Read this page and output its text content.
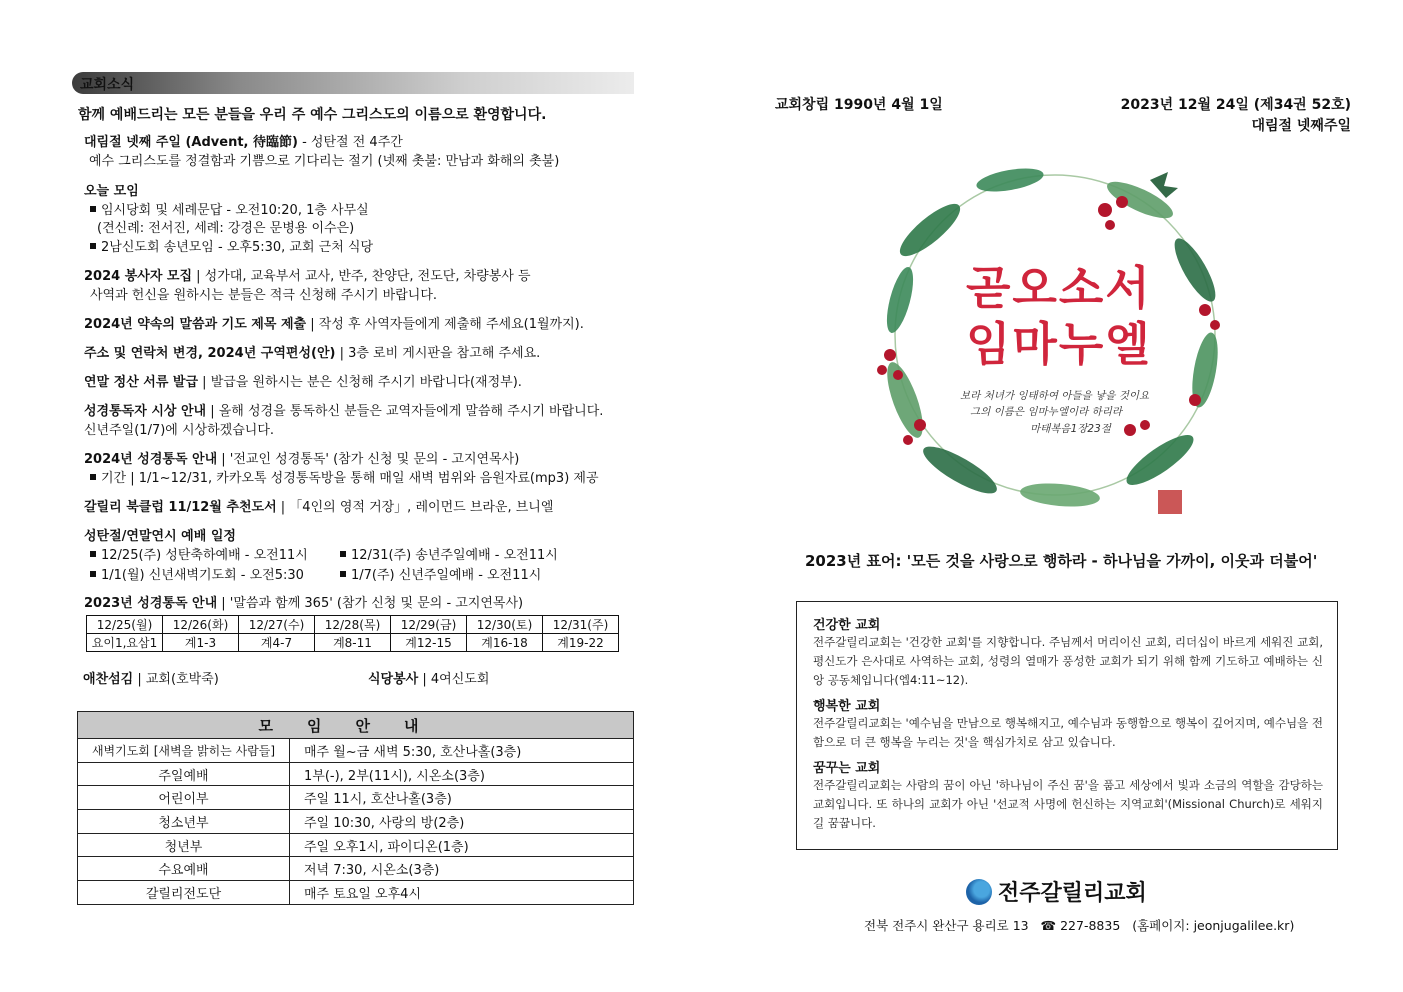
교회소식
함께 예배드리는 모든 분들을 우리 주 예수 그리스도의 이름으로 환영합니다.
대림절 넷째 주일 (Advent, 待臨節) - 성탄절 전 4주간
예수 그리스도를 정결함과 기쁨으로 기다리는 절기 (넷째 촛불: 만남과 화해의 촛불)
오늘 모임
임시당회 및 세례문답 - 오전10:20, 1층 사무실
(견신례: 전서진, 세례: 강경은 문병용 이수은)
2남신도회 송년모임 - 오후5:30, 교회 근처 식당
2024 봉사자 모집 | 성가대, 교육부서 교사, 반주, 찬양단, 전도단, 차량봉사 등
사역과 헌신을 원하시는 분들은 적극 신청해 주시기 바랍니다.
2024년 약속의 말씀과 기도 제목 제출 | 작성 후 사역자들에게 제출해 주세요(1월까지).
주소 및 연락처 변경, 2024년 구역편성(안) | 3층 로비 게시판을 참고해 주세요.
연말 정산 서류 발급 | 발급을 원하시는 분은 신청해 주시기 바랍니다(재정부).
성경통독자 시상 안내 | 올해 성경을 통독하신 분들은 교역자들에게 말씀해 주시기 바랍니다.
신년주일(1/7)에 시상하겠습니다.
2024년 성경통독 안내 | '전교인 성경통독' (참가 신청 및 문의 - 고지연목사)
기간 | 1/1~12/31, 카카오톡 성경통독방을 통해 매일 새벽 범위와 음원자료(mp3) 제공
갈릴리 북클럽 11/12월 추천도서 | 「4인의 영적 거장」, 레이먼드 브라운, 브니엘
성탄절/연말연시 예배 일정
12/25(주) 성탄축하예배 - 오전11시	12/31(주) 송년주일예배 - 오전11시
1/1(월) 신년새벽기도회 - 오전5:30	1/7(주) 신년주일예배 - 오전11시
2023년 성경통독 안내 | '말씀과 함께 365' (참가 신청 및 문의 - 고지연목사)
12/25(월)	12/26(화)	12/27(수)	12/28(목)	12/29(금)	12/30(토)	12/31(주)
요이1,요삼1	계1-3	계4-7	계8-11	계12-15	계16-18	계19-22
애찬섬김 | 교회(호박죽)	식당봉사 | 4여신도회
모임안내	
새벽기도회 [새벽을 밝히는 사람들]	매주 월~금 새벽 5:30, 호산나홀(3층)
주일예배	1부(-), 2부(11시), 시온소(3층)
어린이부	주일 11시, 호산나홀(3층)
청소년부	주일 10:30, 사랑의 방(2층)
청년부	주일 오후1시, 파이디온(1층)
수요예배	저녁 7:30, 시온소(3층)
갈릴리전도단	매주 토요일 오후4시
교회창립 1990년 4월 1일	2023년 12월 24일 (제34권 52호)
대림절 넷째주일
곧오소서
임마누엘
보라 처녀가 잉태하여 아들을 낳을 것이요
그의 이름은 임마누엘이라 하리라
마태복음1장23절
2023년 표어: '모든 것을 사랑으로 행하라 - 하나님을 가까이, 이웃과 더불어'
건강한 교회
전주갈릴리교회는 '건강한 교회'를 지향합니다. 주님께서 머리이신 교회, 리더십이 바르게 세워진 교회, 평신도가 은사대로 사역하는 교회, 성령의 열매가 풍성한 교회가 되기 위해 함께 기도하고 예배하는 신앙 공동체입니다(엡4:11~12).
행복한 교회
전주갈릴리교회는 '예수님을 만남으로 행복해지고, 예수님과 동행함으로 행복이 깊어지며, 예수님을 전함으로 더 큰 행복을 누리는 것'을 핵심가치로 삼고 있습니다.
꿈꾸는 교회
전주갈릴리교회는 사람의 꿈이 아닌 '하나님이 주신 꿈'을 품고 세상에서 빛과 소금의 역할을 감당하는 교회입니다. 또 하나의 교회가 아닌 '선교적 사명에 헌신하는 지역교회'(Missional Church)로 세워지길 꿈꿉니다.
전주갈릴리교회
전북 전주시 완산구 용리로 13 ☎ 227-8835 (홈페이지: jeonjugalilee.kr)
